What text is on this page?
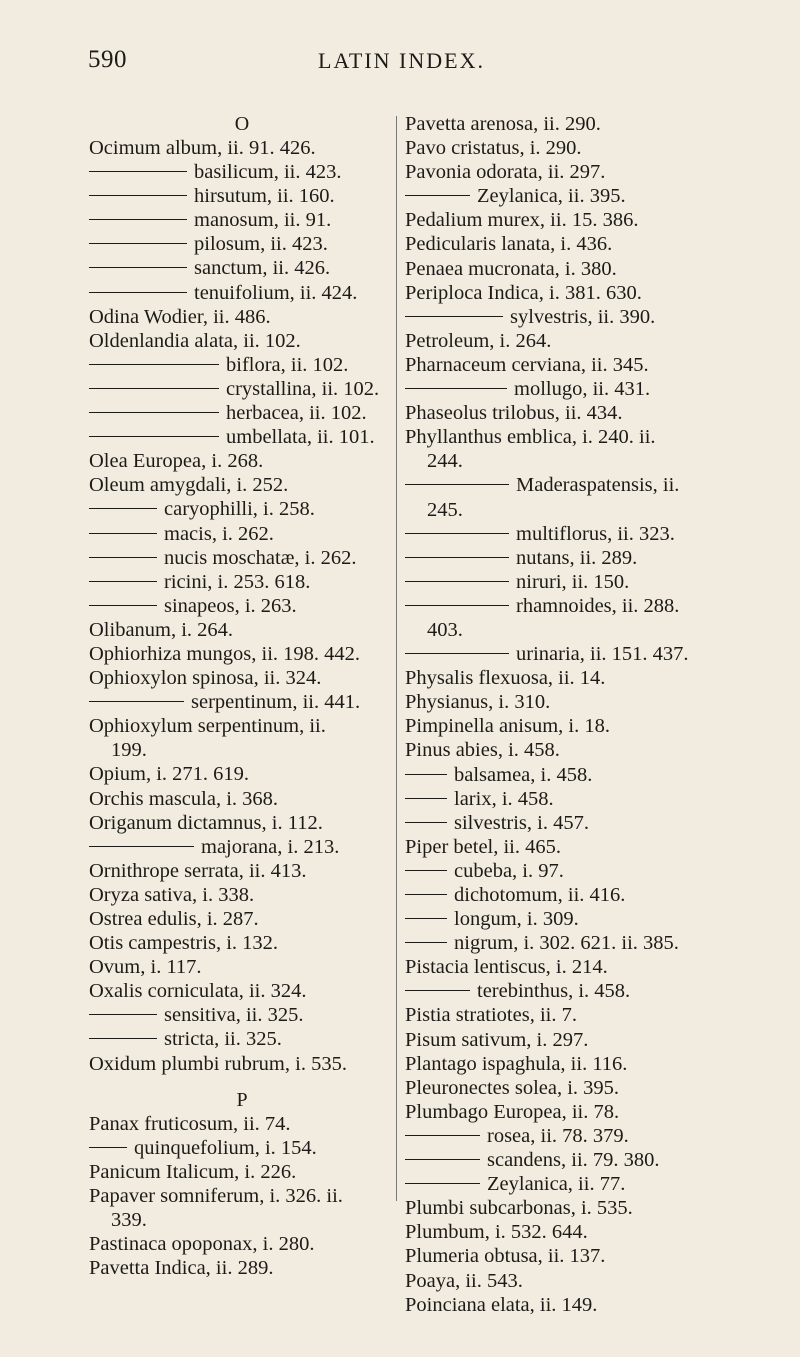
590	LATIN INDEX.
O
Ocimum album, ii. 91. 426.
basilicum, ii. 423.
hirsutum, ii. 160.
manosum, ii. 91.
pilosum, ii. 423.
sanctum, ii. 426.
tenuifolium, ii. 424.
Odina Wodier, ii. 486.
Oldenlandia alata, ii. 102.
biflora, ii. 102.
crystallina, ii. 102.
herbacea, ii. 102.
umbellata, ii. 101.
Olea Europea, i. 268.
Oleum amygdali, i. 252.
caryophilli, i. 258.
macis, i. 262.
nucis moschatæ, i. 262.
ricini, i. 253. 618.
sinapeos, i. 263.
Olibanum, i. 264.
Ophiorhiza mungos, ii. 198. 442.
Ophioxylon spinosa, ii. 324.
serpentinum, ii. 441.
Ophioxylum serpentinum, ii.
199.
Opium, i. 271. 619.
Orchis mascula, i. 368.
Origanum dictamnus, i. 112.
majorana, i. 213.
Ornithrope serrata, ii. 413.
Oryza sativa, i. 338.
Ostrea edulis, i. 287.
Otis campestris, i. 132.
Ovum, i. 117.
Oxalis corniculata, ii. 324.
sensitiva, ii. 325.
stricta, ii. 325.
Oxidum plumbi rubrum, i. 535.
P
Panax fruticosum, ii. 74.
quinquefolium, i. 154.
Panicum Italicum, i. 226.
Papaver somniferum, i. 326. ii.
339.
Pastinaca opoponax, i. 280.
Pavetta Indica, ii. 289.
Pavetta arenosa, ii. 290.
Pavo cristatus, i. 290.
Pavonia odorata, ii. 297.
Zeylanica, ii. 395.
Pedalium murex, ii. 15. 386.
Pedicularis lanata, i. 436.
Penaea mucronata, i. 380.
Periploca Indica, i. 381. 630.
sylvestris, ii. 390.
Petroleum, i. 264.
Pharnaceum cerviana, ii. 345.
mollugo, ii. 431.
Phaseolus trilobus, ii. 434.
Phyllanthus emblica, i. 240. ii.
244.
Maderaspatensis, ii.
245.
multiflorus, ii. 323.
nutans, ii. 289.
niruri, ii. 150.
rhamnoides, ii. 288.
403.
urinaria, ii. 151. 437.
Physalis flexuosa, ii. 14.
Physianus, i. 310.
Pimpinella anisum, i. 18.
Pinus abies, i. 458.
balsamea, i. 458.
larix, i. 458.
silvestris, i. 457.
Piper betel, ii. 465.
cubeba, i. 97.
dichotomum, ii. 416.
longum, i. 309.
nigrum, i. 302. 621. ii. 385.
Pistacia lentiscus, i. 214.
terebinthus, i. 458.
Pistia stratiotes, ii. 7.
Pisum sativum, i. 297.
Plantago ispaghula, ii. 116.
Pleuronectes solea, i. 395.
Plumbago Europea, ii. 78.
rosea, ii. 78. 379.
scandens, ii. 79. 380.
Zeylanica, ii. 77.
Plumbi subcarbonas, i. 535.
Plumbum, i. 532. 644.
Plumeria obtusa, ii. 137.
Poaya, ii. 543.
Poinciana elata, ii. 149.
